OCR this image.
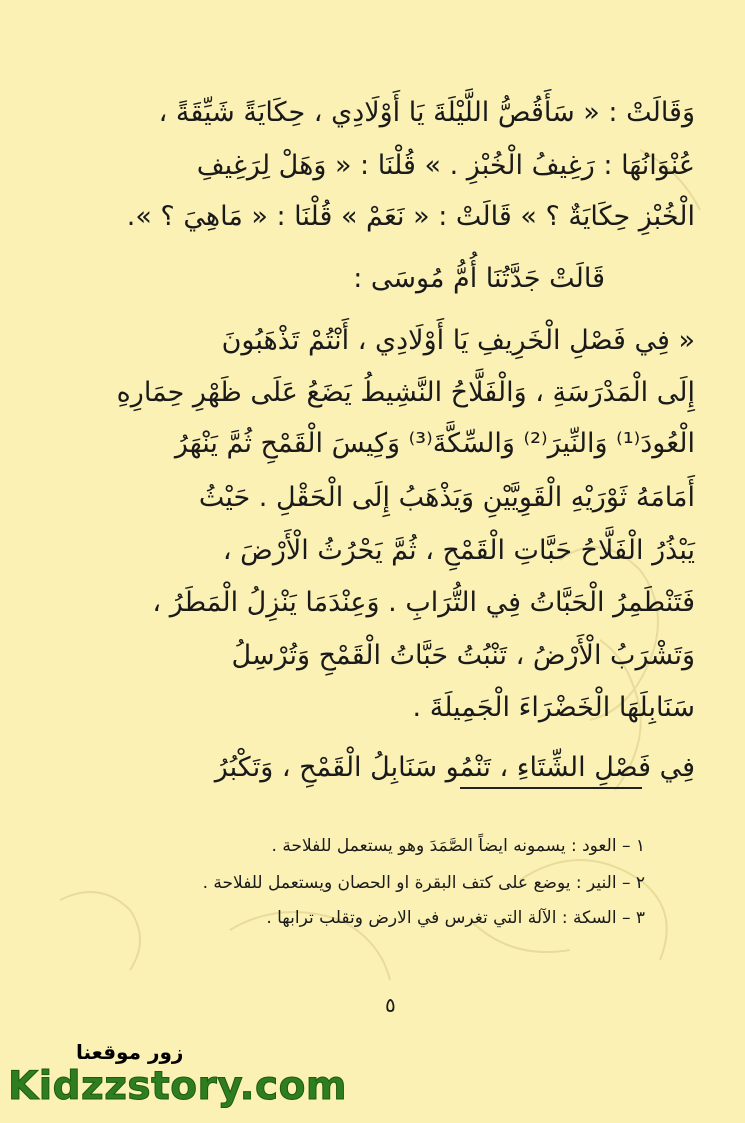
وَقَالَتْ : « سَأَقُصُّ اللَّيْلَةَ يَا أَوْلَادِي ، حِكَايَةً شَيِّقَةً ،
عُنْوَانُهَا : رَغِيفُ الْخُبْزِ . » قُلْنَا : « وَهَلْ لِرَغِيفِ
الْخُبْزِ حِكَايَةٌ ؟ » قَالَتْ : « نَعَمْ » قُلْنَا : « مَاهِيَ ؟ ».
قَالَتْ جَدَّتُنَا أُمُّ مُوسَى :
« فِي فَصْلِ الْخَرِيفِ يَا أَوْلَادِي ، أَنْتُمْ تَذْهَبُونَ
إِلَى الْمَدْرَسَةِ ، وَالْفَلَّاحُ النَّشِيطُ يَضَعُ عَلَى ظَهْرِ حِمَارِهِ
الْعُودَ⁽¹⁾ وَالنِّيرَ⁽²⁾ وَالسِّكَّةَ⁽³⁾ وَكِيسَ الْقَمْحِ ثُمَّ يَنْهَرُ
أَمَامَهُ ثَوْرَيْهِ الْقَوِيَّيْنِ وَيَذْهَبُ إِلَى الْحَقْلِ . حَيْثُ
يَبْذُرُ الْفَلَّاحُ حَبَّاتِ الْقَمْحِ ، ثُمَّ يَحْرُثُ الْأَرْضَ ،
فَتَنْطَمِرُ الْحَبَّاتُ فِي التُّرَابِ . وَعِنْدَمَا يَنْزِلُ الْمَطَرُ ،
وَتَشْرَبُ الْأَرْضُ ، تَنْبُتُ حَبَّاتُ الْقَمْحِ وَتُرْسِلُ
سَنَابِلَهَا الْخَضْرَاءَ الْجَمِيلَةَ .
فِي فَصْلِ الشِّتَاءِ ، تَنْمُو سَنَابِلُ الْقَمْحِ ، وَتَكْبُرُ
١ – العود : يسمونه ايضاً الصَّمَدَ وهو يستعمل للفلاحة .
٢ – النير : يوضع على كتف البقرة او الحصان ويستعمل للفلاحة .
٣ – السكة : الآلة التي تغرس في الارض وتقلب ترابها .
٥
زور موقعنا
Kidzzstory.com
